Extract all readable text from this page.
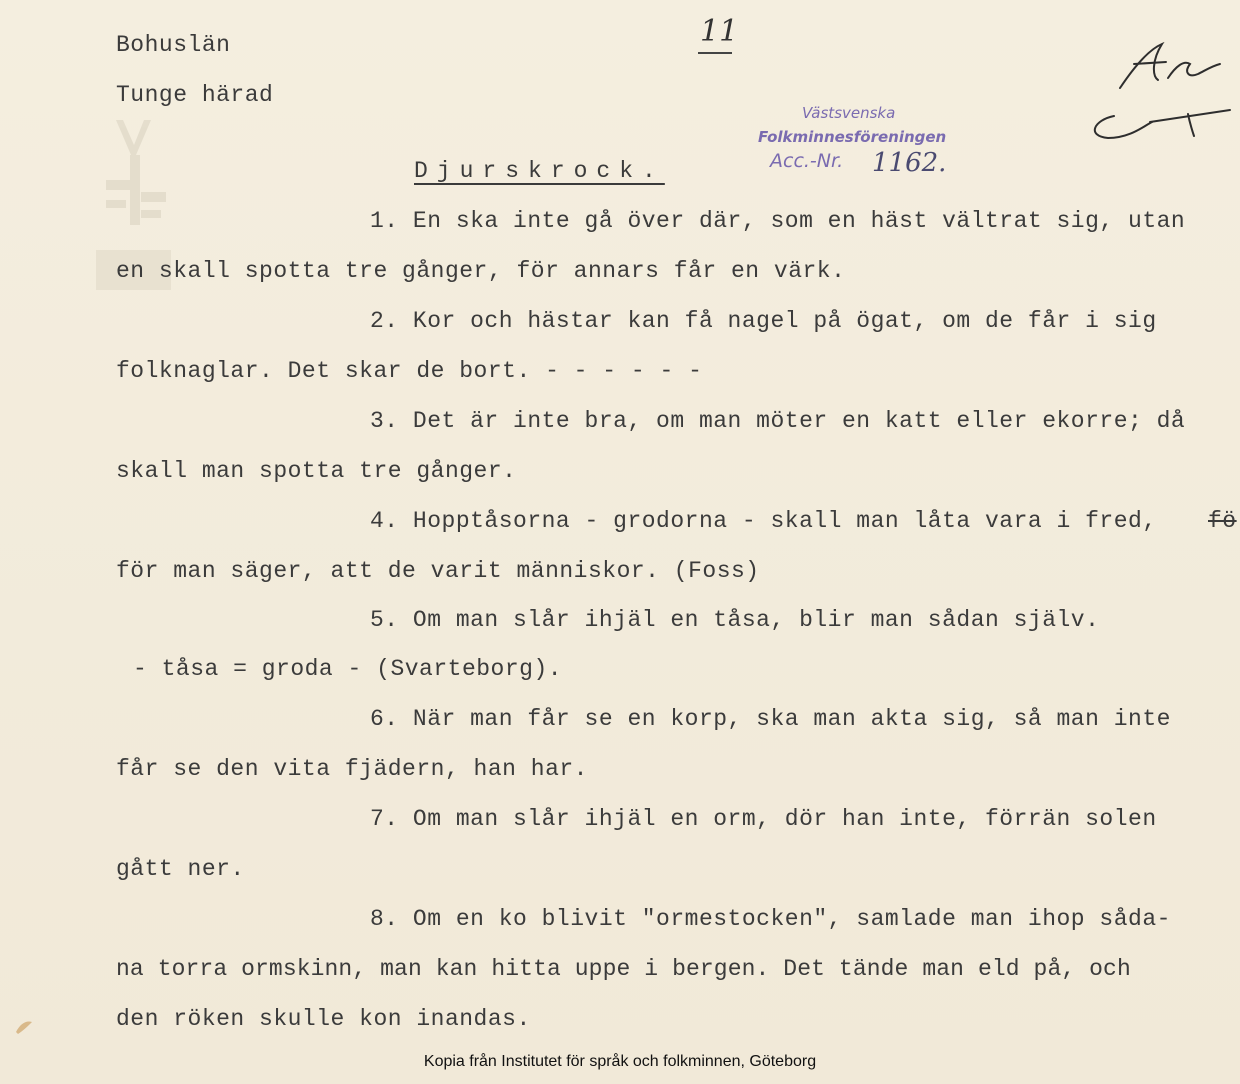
Bohuslän
Tunge härad
11
Västsvenska
Folkminnesföreningen
Acc.-Nr. 1162.
Djurskrock.
1. En ska inte gå över där, som en häst vältrat sig, utan
en skall spotta tre gånger, för annars får en värk.
2. Kor och hästar kan få nagel på ögat, om de får i sig
folknaglar. Det skar de bort. - - - - - -
3. Det är inte bra, om man möter en katt eller ekorre; då
skall man spotta tre gånger.
4. Hopptåsorna - grodorna - skall man låta vara i fred, fö
för man säger, att de varit människor. (Foss)
5. Om man slår ihjäl en tåsa, blir man sådan själv.
- tåsa = groda - (Svarteborg).
6. När man får se en korp, ska man akta sig, så man inte
får se den vita fjädern, han har.
7. Om man slår ihjäl en orm, dör han inte, förrän solen
gått ner.
8. Om en ko blivit "ormestocken", samlade man ihop såda-
na torra ormskinn, man kan hitta uppe i bergen. Det tände man eld på, och
den röken skulle kon inandas.
Kopia från Institutet för språk och folkminnen, Göteborg
